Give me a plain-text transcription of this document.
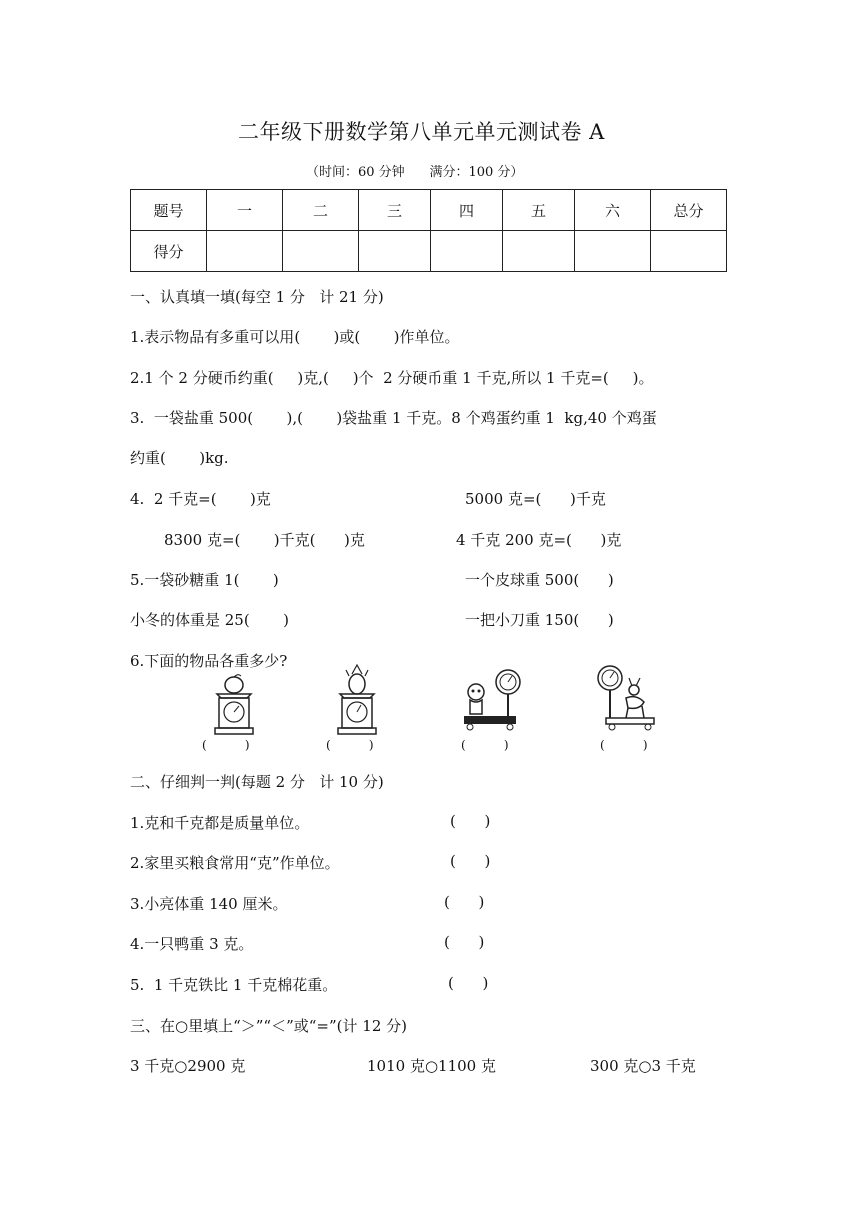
二年级下册数学第八单元单元测试卷 A
（时间：60 分钟      满分：100 分）
题号	一	二	三	四	五	六	总分
得分							
一、认真填一填(每空 1 分   计 21 分)
1.表示物品有多重可以用(       )或(       )作单位。
2.1 个 2 分硬币约重(     )克,(     )个  2 分硬币重 1 千克,所以 1 千克=(     )。
3.  一袋盐重 500(       ),(       )袋盐重 1 千克。8 个鸡蛋约重 1  kg,40 个鸡蛋
约重(       )kg.
4.  2 千克=(       )克	5000 克=(      )千克
8300 克=(       )千克(      )克	4 千克 200 克=(      )克
5.一袋砂糖重 1(       )	一个皮球重 500(      )
小冬的体重是 25(       )	一把小刀重 150(      )
6.下面的物品各重多少?
(          )	(          )	(          )	(          )
二、仔细判一判(每题 2 分   计 10 分)
1.克和千克都是质量单位。	(      )
2.家里买粮食常用“克”作单位。	(      )
3.小亮体重 140 厘米。	(      )
4.一只鸭重 3 克。	(      )
5.  1 千克铁比 1 千克棉花重。	(      )
三、在○里填上“＞”“＜”或“=”(计 12 分)
3 千克○2900 克	1010 克○1100 克	300 克○3 千克
